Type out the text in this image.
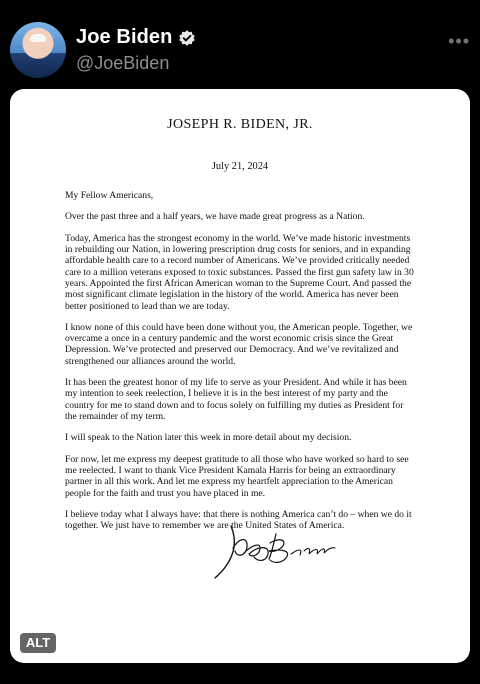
Joe Biden
@JoeBiden
•••
JOSEPH R. BIDEN, JR.
July 21, 2024

My Fellow Americans,

Over the past three and a half years, we have made great progress as a Nation.

Today, America has the strongest economy in the world. We’ve made historic investments in rebuilding our Nation, in lowering prescription drug costs for seniors, and in expanding affordable health care to a record number of Americans. We’ve provided critically needed care to a million veterans exposed to toxic substances. Passed the first gun safety law in 30 years. Appointed the first African American woman to the Supreme Court. And passed the most significant climate legislation in the history of the world. America has never been better positioned to lead than we are today.

I know none of this could have been done without you, the American people. Together, we overcame a once in a century pandemic and the worst economic crisis since the Great Depression. We’ve protected and preserved our Democracy. And we’ve revitalized and strengthened our alliances around the world.

It has been the greatest honor of my life to serve as your President. And while it has been my intention to seek reelection, I believe it is in the best interest of my party and the country for me to stand down and to focus solely on fulfilling my duties as President for the remainder of my term.

I will speak to the Nation later this week in more detail about my decision.

For now, let me express my deepest gratitude to all those who have worked so hard to see me reelected. I want to thank Vice President Kamala Harris for being an extraordinary partner in all this work. And let me express my heartfelt appreciation to the American people for the faith and trust you have placed in me.

I believe today what I always have: that there is nothing America can’t do – when we do it together. We just have to remember we are the United States of America.

ALT
